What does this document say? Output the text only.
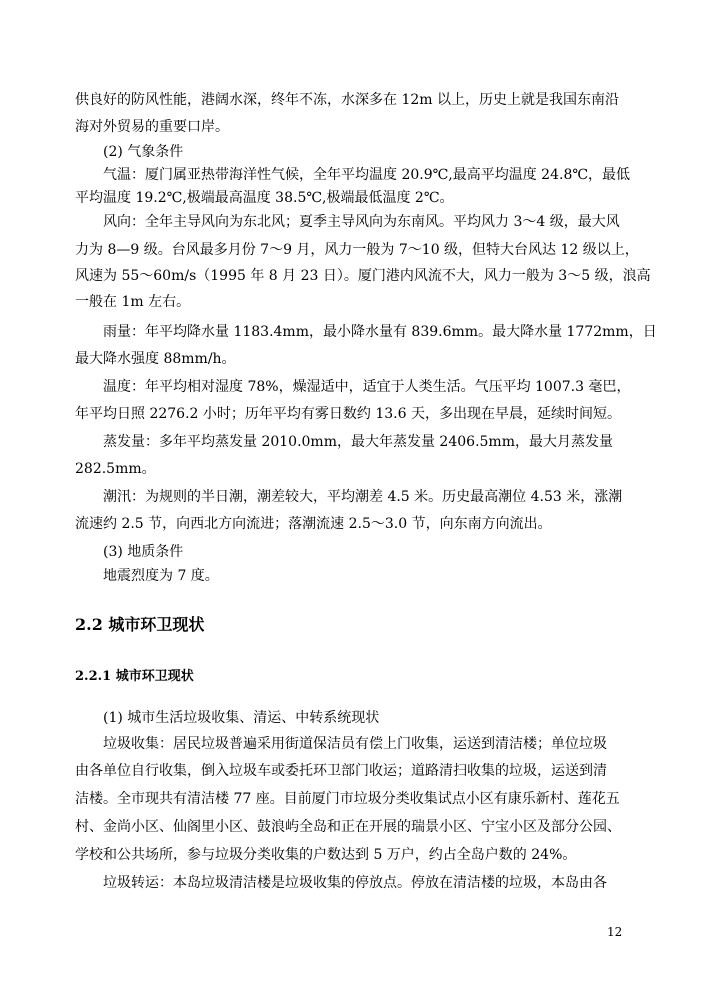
供良好的防风性能，港阔水深，终年不冻，水深多在 12m 以上，历史上就是我国东南沿
海对外贸易的重要口岸。
(2) 气象条件
气温：厦门属亚热带海洋性气候，全年平均温度 20.9℃,最高平均温度 24.8℃，最低
平均温度 19.2℃,极端最高温度 38.5℃,极端最低温度 2℃。
风向：全年主导风向为东北风；夏季主导风向为东南风。平均风力 3～4 级，最大风
力为 8—9 级。台风最多月份 7～9 月，风力一般为 7～10 级，但特大台风达 12 级以上，
风速为 55～60m/s（1995 年 8 月 23 日）。厦门港内风流不大，风力一般为 3～5 级，浪高
一般在 1m 左右。
雨量：年平均降水量 1183.4mm，最小降水量有 839.6mm。最大降水量 1772mm，日
最大降水强度 88mm/h。
温度：年平均相对湿度 78%，燥湿适中，适宜于人类生活。气压平均 1007.3 毫巴，
年平均日照 2276.2 小时；历年平均有雾日数约 13.6 天，多出现在早晨，延续时间短。
蒸发量：多年平均蒸发量 2010.0mm，最大年蒸发量 2406.5mm，最大月蒸发量
282.5mm。
潮汛：为规则的半日潮，潮差较大，平均潮差 4.5 米。历史最高潮位 4.53 米，涨潮
流速约 2.5 节，向西北方向流进；落潮流速 2.5～3.0 节，向东南方向流出。
(3) 地质条件
地震烈度为 7 度。
2.2 城市环卫现状
2.2.1 城市环卫现状
(1) 城市生活垃圾收集、清运、中转系统现状
垃圾收集：居民垃圾普遍采用街道保洁员有偿上门收集，运送到清洁楼；单位垃圾
由各单位自行收集，倒入垃圾车或委托环卫部门收运；道路清扫收集的垃圾，运送到清
洁楼。全市现共有清洁楼 77 座。目前厦门市垃圾分类收集试点小区有康乐新村、莲花五
村、金尚小区、仙阁里小区、鼓浪屿全岛和正在开展的瑞景小区、宁宝小区及部分公园、
学校和公共场所，参与垃圾分类收集的户数达到 5 万户，约占全岛户数的 24%。
垃圾转运：本岛垃圾清洁楼是垃圾收集的停放点。停放在清洁楼的垃圾，本岛由各
12
